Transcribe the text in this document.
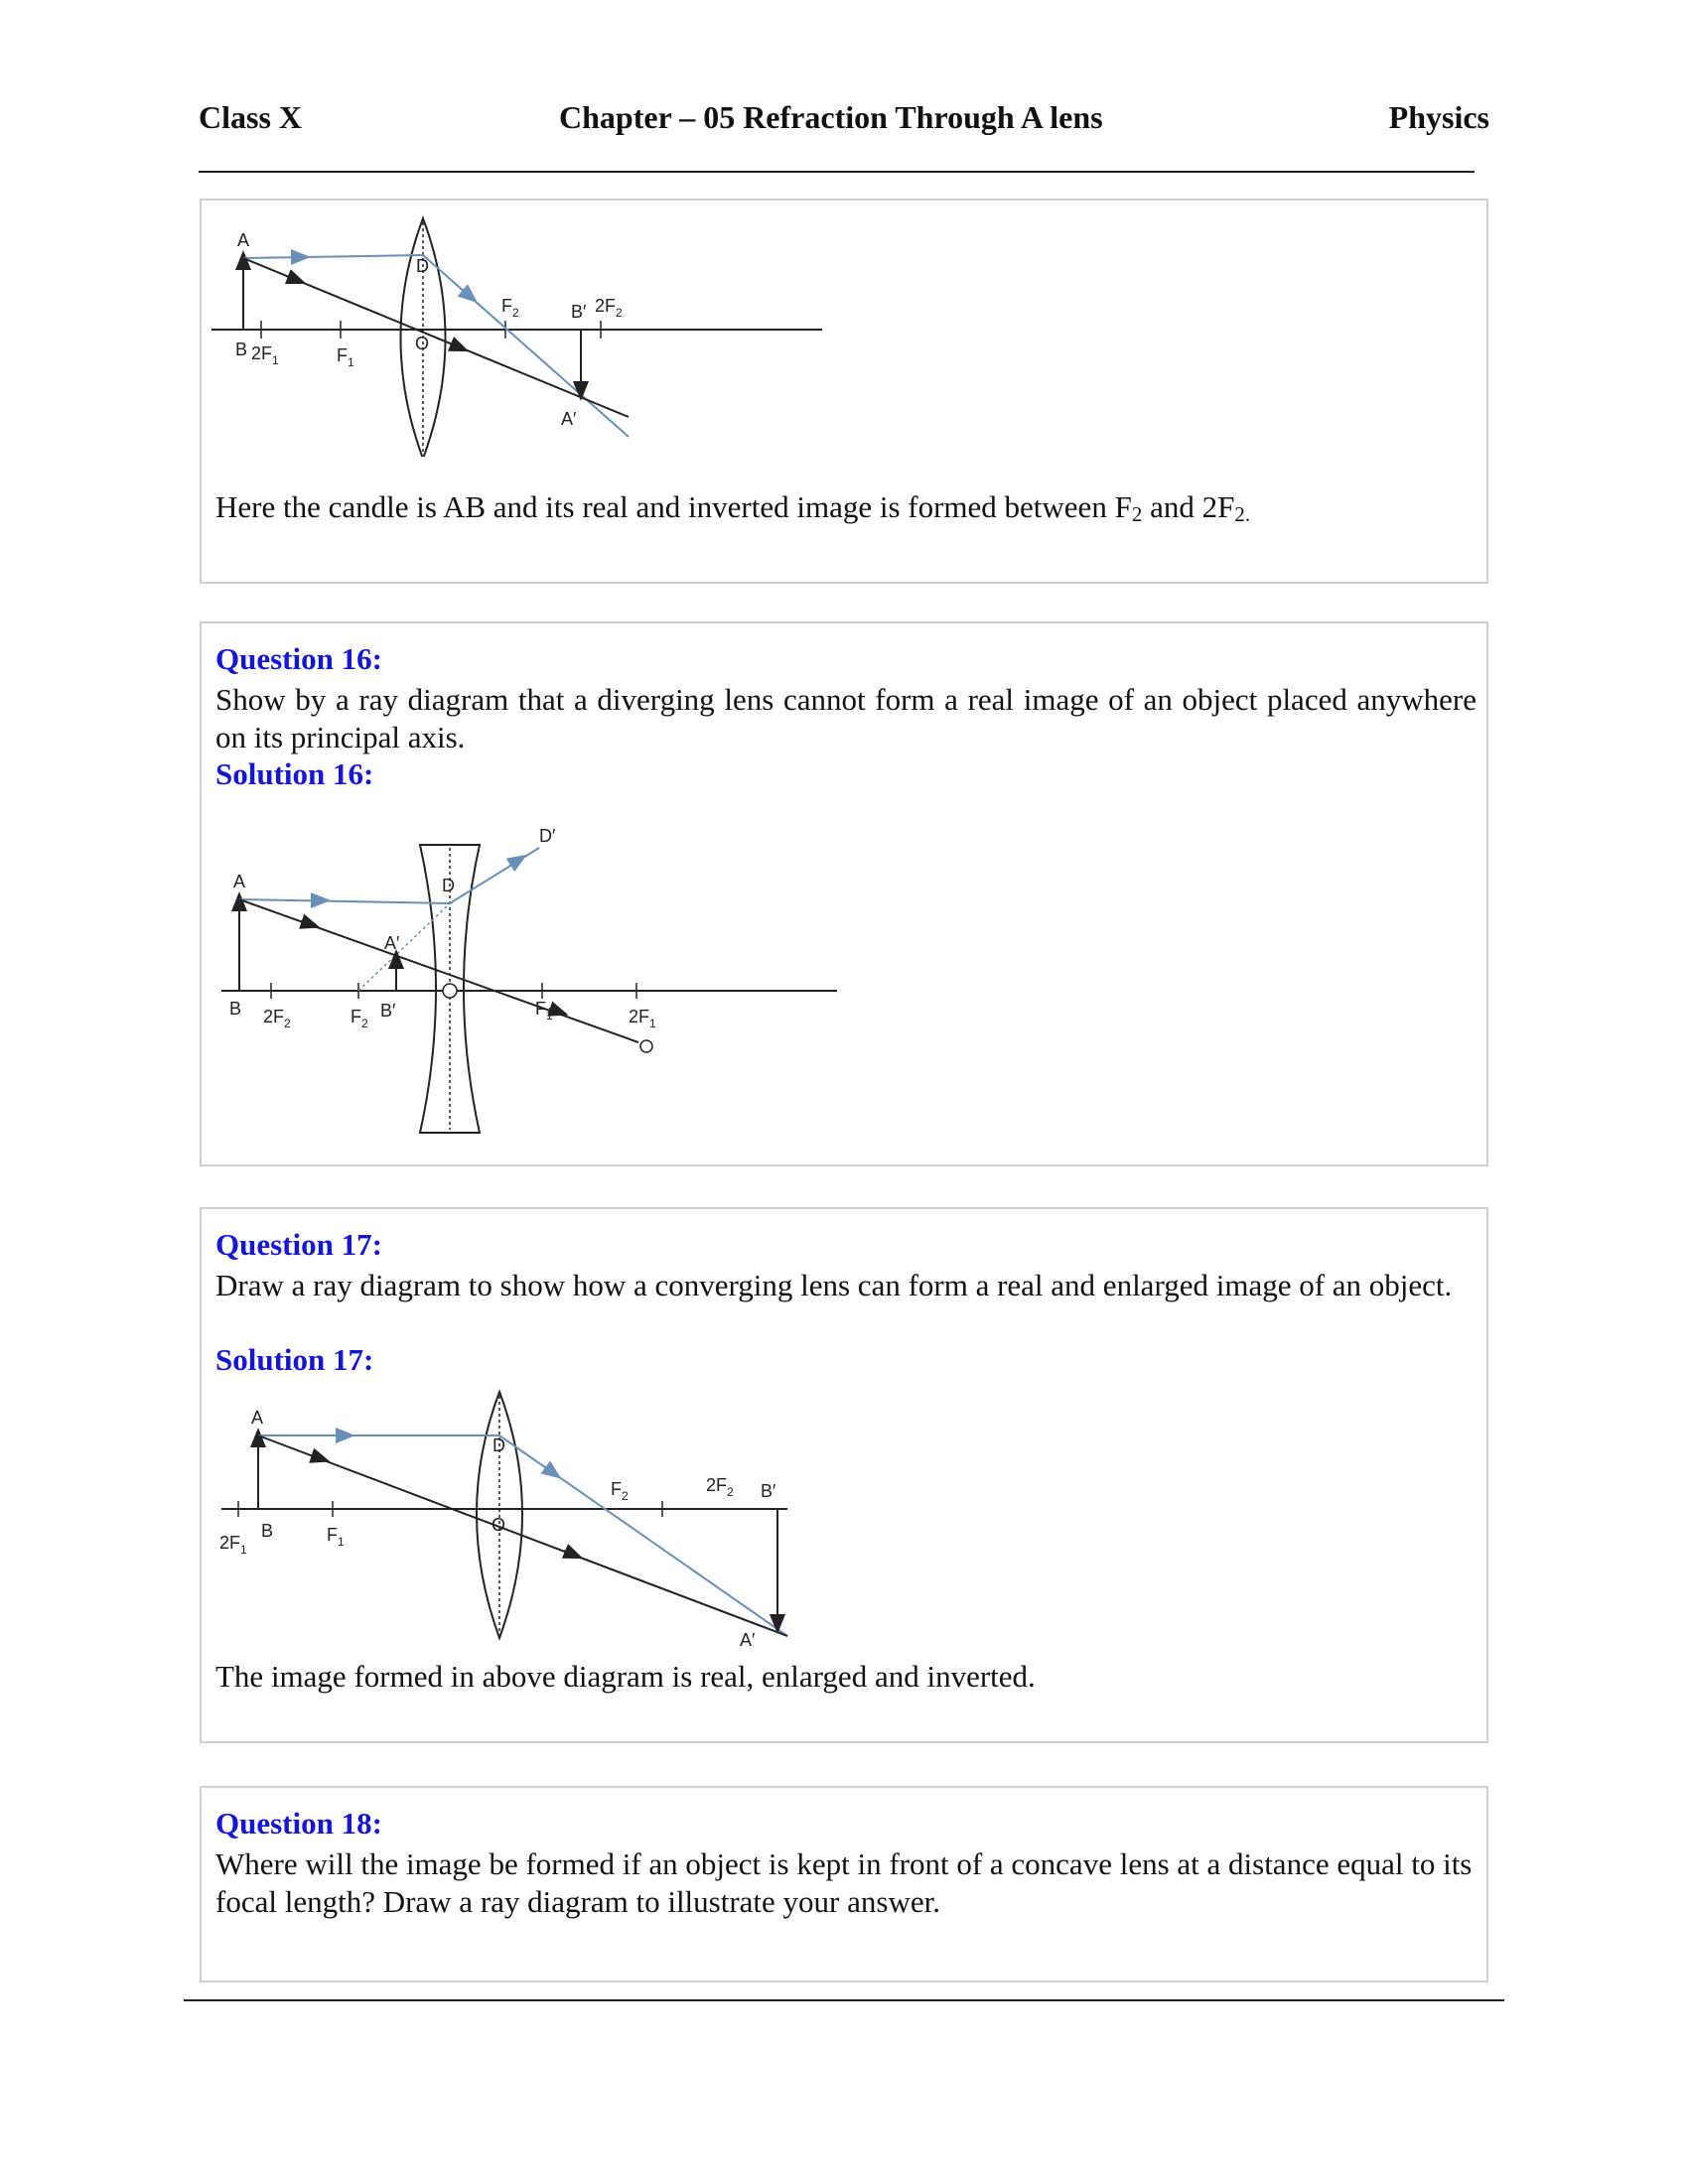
Class X	Chapter – 05 Refraction Through A lens	Physics
A
B $2F_1$	$F_1$
D
O
$F_2$	B′ $2F_2$
A′
Here the candle is AB and its real and inverted image is formed between $F_2$ and $2F_{2.}$
Question 16:
Show by a ray diagram that a diverging lens cannot form a real image of an object placed anywhere on its principal axis.
Solution 16:
A
B $2F_2$	$F_2$
A′
B′
D
D′
$F_1$	$2F_1$
Question 17:
Draw a ray diagram to show how a converging lens can form a real and enlarged image of an object.
Solution 17:
A
B
$2F_1$
$F_1$
D
O
$F_2$
$2F_2$ B′
A′
The image formed in above diagram is real, enlarged and inverted.
Question 18:
Where will the image be formed if an object is kept in front of a concave lens at a distance equal to its focal length? Draw a ray diagram to illustrate your answer.
